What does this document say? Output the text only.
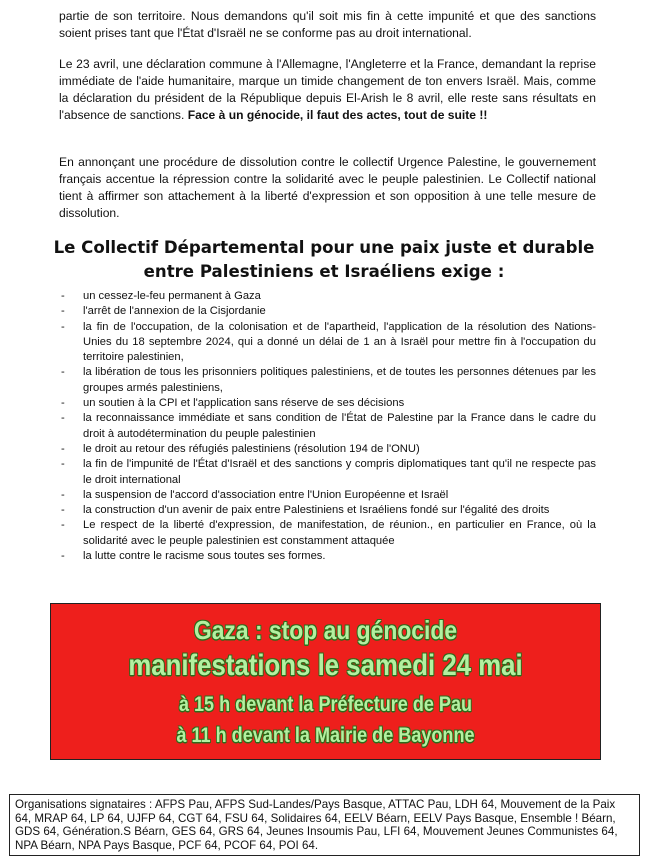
partie de son territoire. Nous demandons qu'il soit mis fin à cette impunité et que des sanctions soient prises tant que l'État d'Israël ne se conforme pas au droit international.

Le 23 avril, une déclaration commune à l'Allemagne, l'Angleterre et la France, demandant la reprise immédiate de l'aide humanitaire, marque un timide changement de ton envers Israël. Mais, comme la déclaration du président de la République depuis El-Arish le 8 avril, elle reste sans résultats en l'absence de sanctions. Face à un génocide, il faut des actes, tout de suite !!

En annonçant une procédure de dissolution contre le collectif Urgence Palestine, le gouvernement français accentue la répression contre la solidarité avec le peuple palestinien. Le Collectif national tient à affirmer son attachement à la liberté d'expression et son opposition à une telle mesure de dissolution.

Le Collectif Départemental pour une paix juste et durable
entre Palestiniens et Israéliens exige :
- un cessez-le-feu permanent à Gaza
- l'arrêt de l'annexion de la Cisjordanie
- la fin de l'occupation, de la colonisation et de l'apartheid, l'application de la résolution des Nations-Unies du 18 septembre 2024, qui a donné un délai de 1 an à Israël pour mettre fin à l'occupation du territoire palestinien,
- la libération de tous les prisonniers politiques palestiniens, et de toutes les personnes détenues par les groupes armés palestiniens,
- un soutien à la CPI et l'application sans réserve de ses décisions
- la reconnaissance immédiate et sans condition de l'État de Palestine par la France dans le cadre du droit à autodétermination du peuple palestinien
- le droit au retour des réfugiés palestiniens (résolution 194 de l'ONU)
- la fin de l'impunité de l'État d'Israël et des sanctions y compris diplomatiques tant qu'il ne respecte pas le droit international
- la suspension de l'accord d'association entre l'Union Européenne et Israël
- la construction d'un avenir de paix entre Palestiniens et Israéliens fondé sur l'égalité des droits
- Le respect de la liberté d'expression, de manifestation, de réunion., en particulier en France, où la solidarité avec le peuple palestinien est constamment attaquée
- la lutte contre le racisme sous toutes ses formes.
Gaza : stop au génocide
manifestations le samedi 24 mai
à 15 h devant la Préfecture de Pau
à 11 h devant la Mairie de Bayonne
Organisations signataires : AFPS Pau, AFPS Sud-Landes/Pays Basque, ATTAC Pau, LDH 64, Mouvement de la Paix 64, MRAP 64, LP 64, UJFP 64, CGT 64, FSU 64, Solidaires 64, EELV Béarn, EELV Pays Basque, Ensemble ! Béarn, GDS 64, Génération.S Béarn, GES 64, GRS 64, Jeunes Insoumis Pau, LFI 64, Mouvement Jeunes Communistes 64, NPA Béarn, NPA Pays Basque, PCF 64, PCOF 64, POI 64.
